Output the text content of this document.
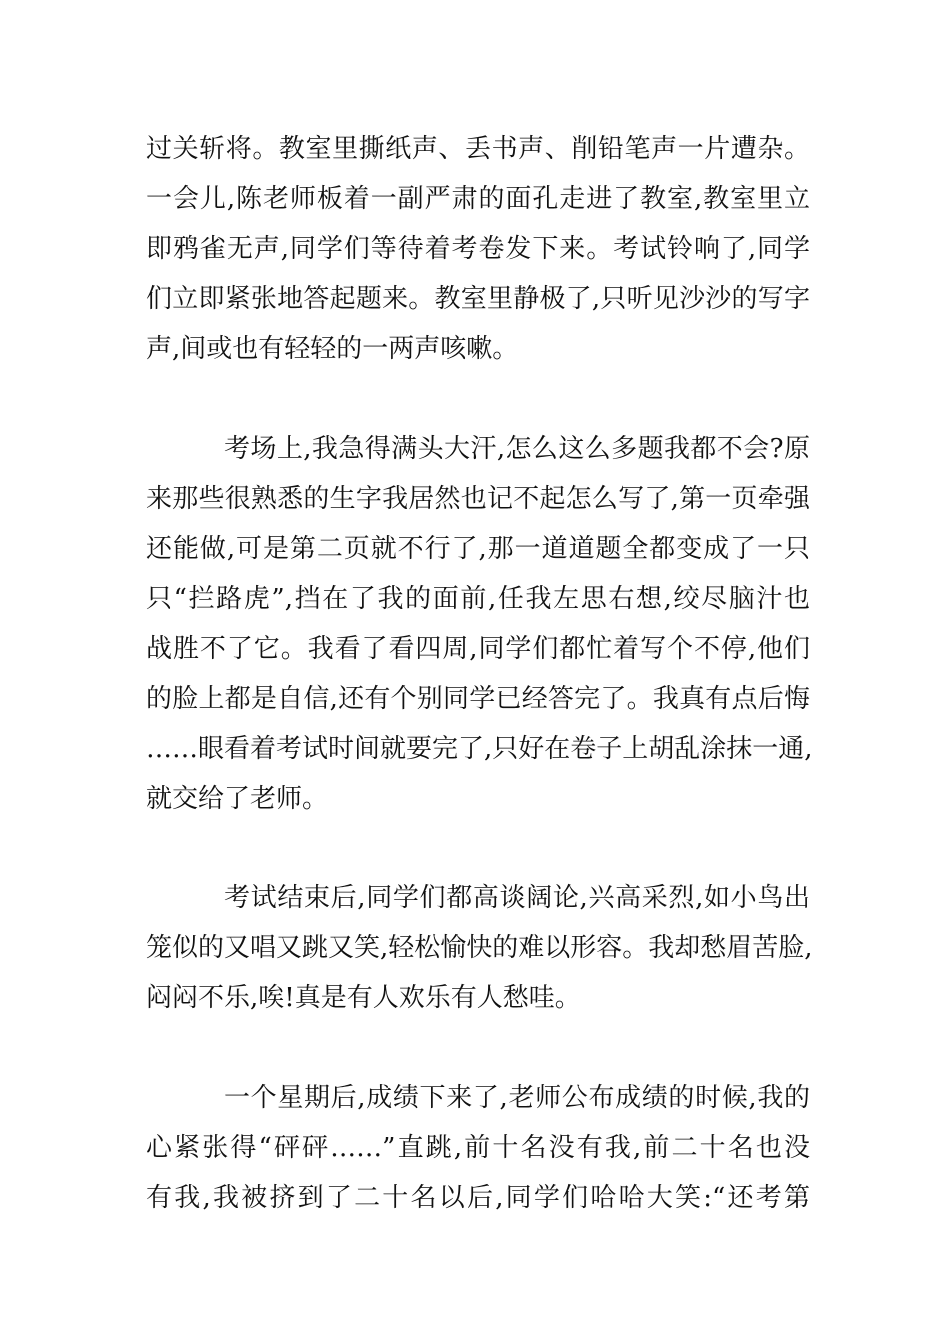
过关斩将。教室里撕纸声、丢书声、削铅笔声一片遭杂。
一会儿,陈老师板着一副严肃的面孔走进了教室,教室里立
即鸦雀无声,同学们等待着考卷发下来。考试铃响了,同学
们立即紧张地答起题来。教室里静极了,只听见沙沙的写字
声,间或也有轻轻的一两声咳嗽。
考场上,我急得满头大汗,怎么这么多题我都不会?原
来那些很熟悉的生字我居然也记不起怎么写了,第一页牵强
还能做,可是第二页就不行了,那一道道题全都变成了一只
只“拦路虎”,挡在了我的面前,任我左思右想,绞尽脑汁也
战胜不了它。我看了看四周,同学们都忙着写个不停,他们
的脸上都是自信,还有个别同学已经答完了。我真有点后悔
……眼看着考试时间就要完了,只好在卷子上胡乱涂抹一通,
就交给了老师。
考试结束后,同学们都高谈阔论,兴高采烈,如小鸟出
笼似的又唱又跳又笑,轻松愉快的难以形容。我却愁眉苦脸,
闷闷不乐,唉!真是有人欢乐有人愁哇。
一个星期后,成绩下来了,老师公布成绩的时候,我的
心紧张得“砰砰……”直跳,前十名没有我,前二十名也没
有我,我被挤到了二十名以后,同学们哈哈大笑:“还考第
